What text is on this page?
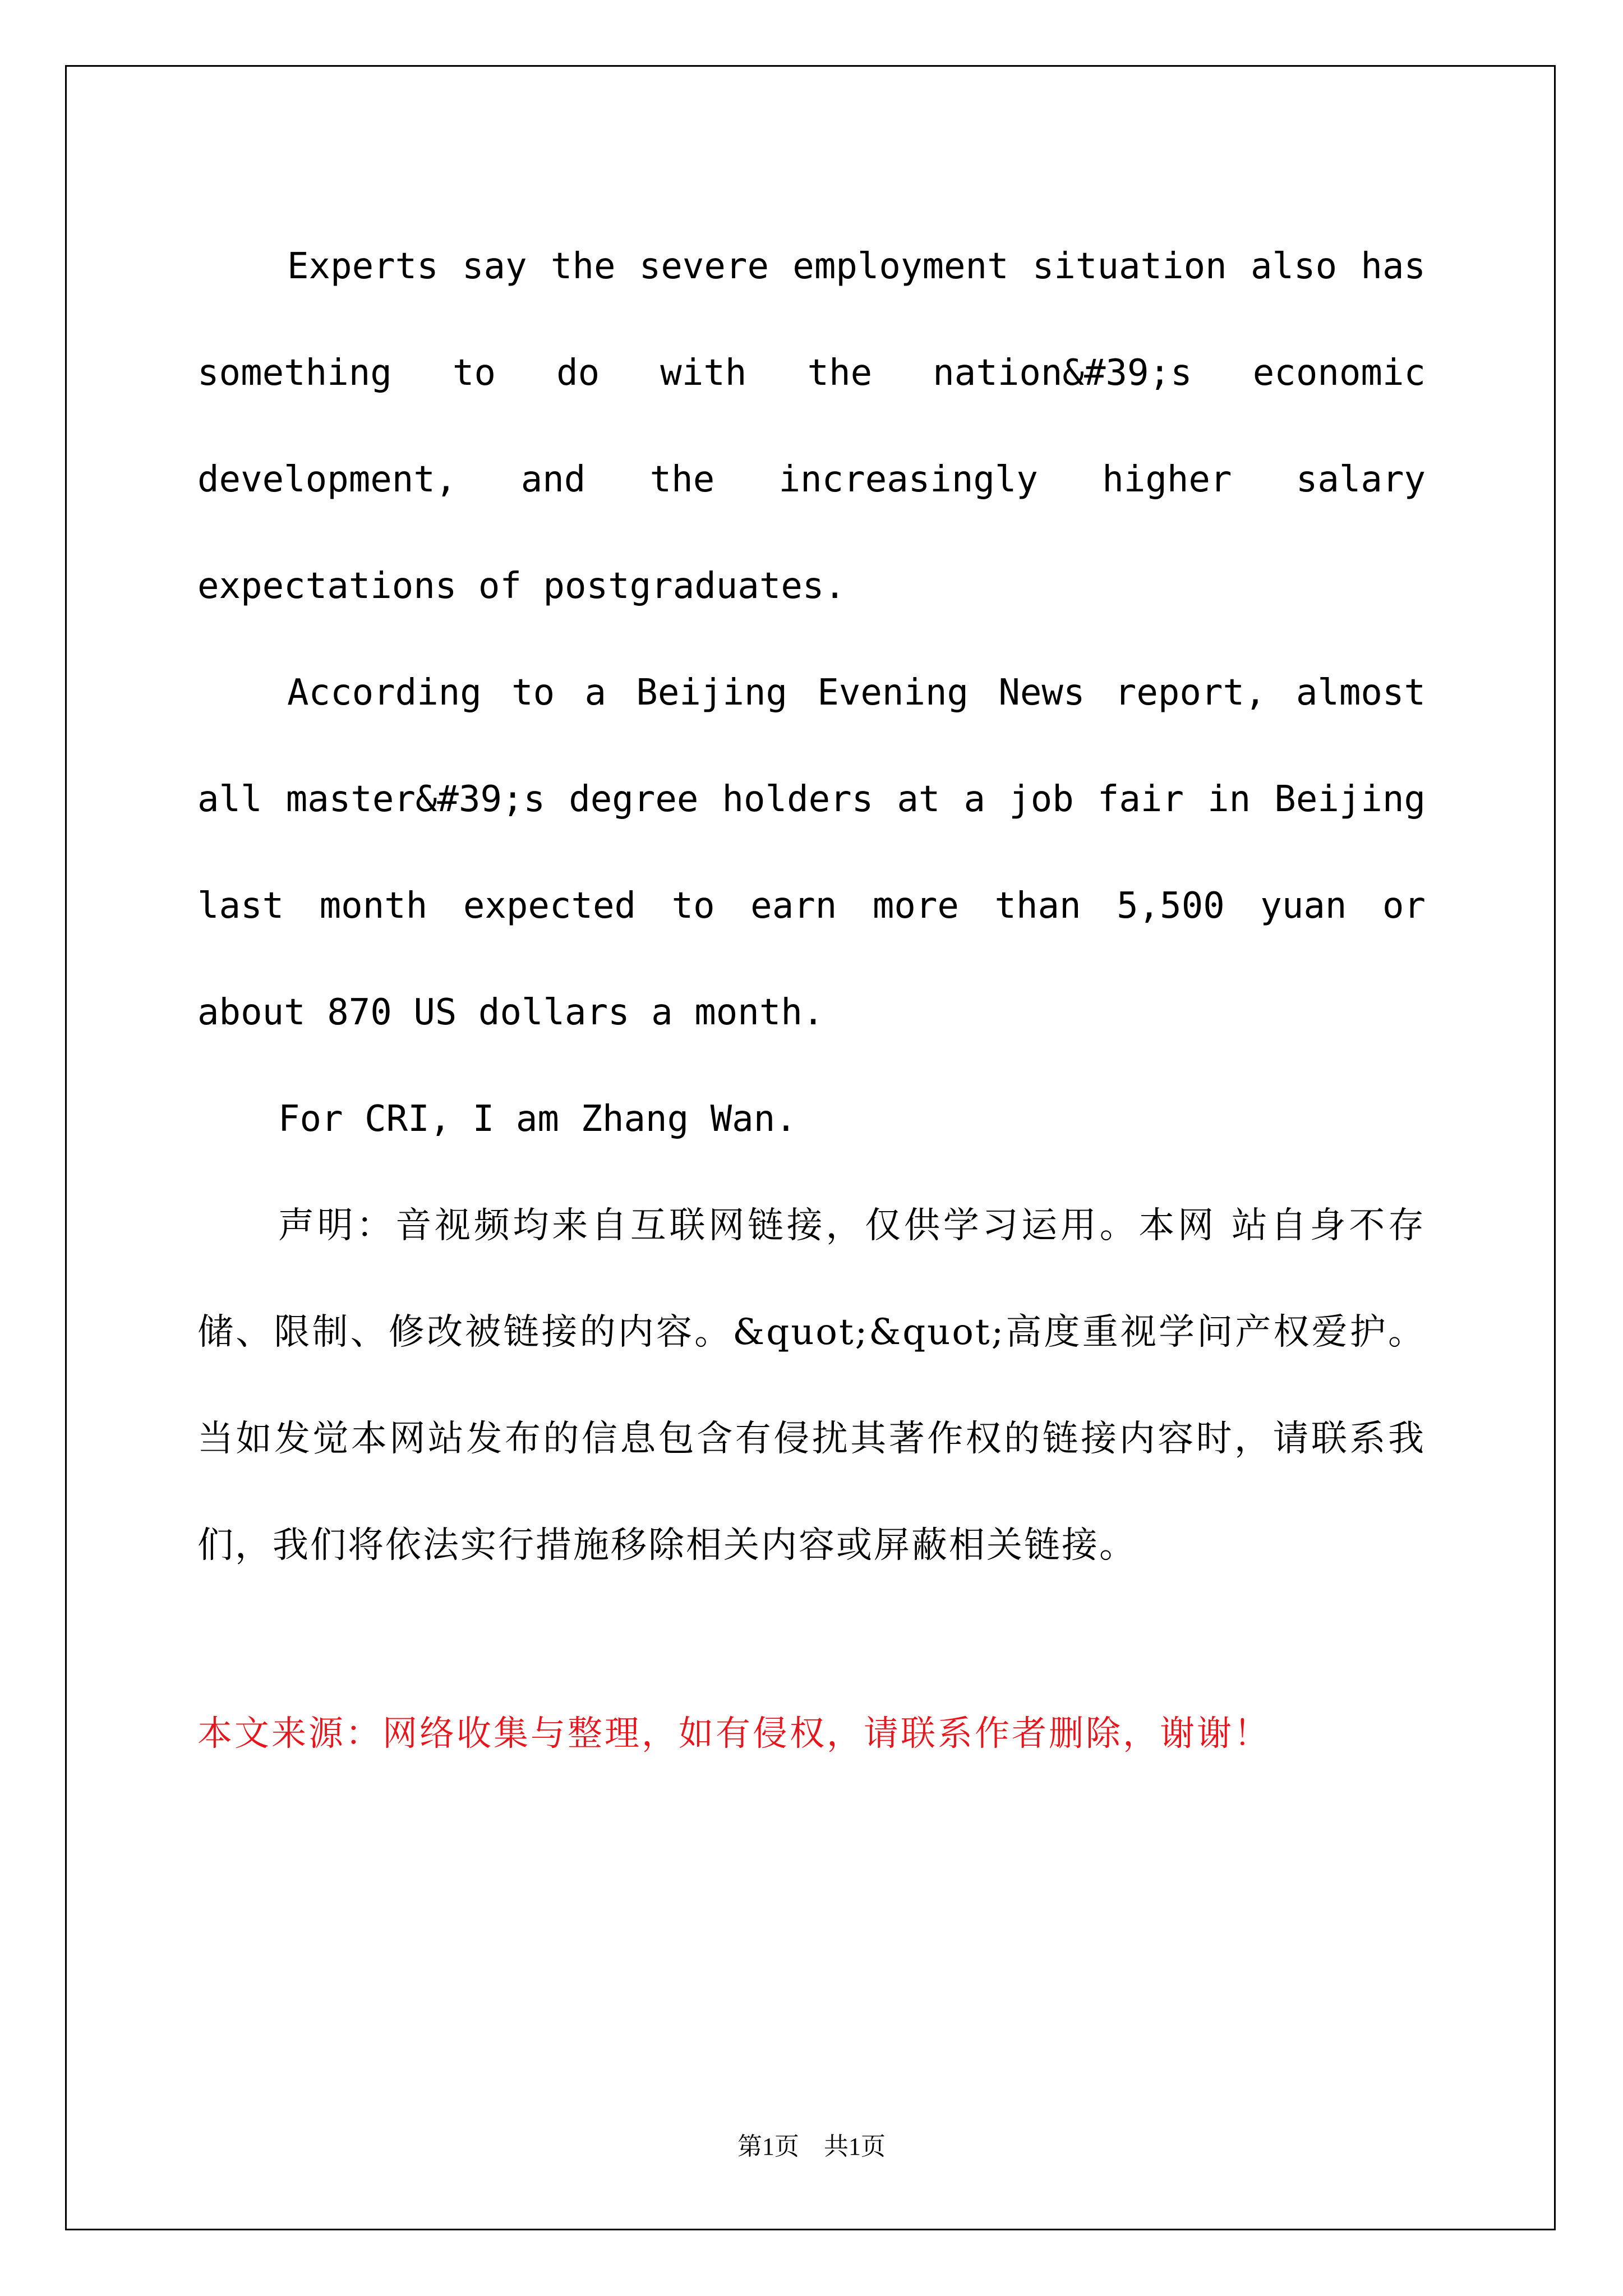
Experts say the severe employment situation also has something to do with the nation&#39;s economic development, and the increasingly higher salary expectations of postgraduates.

According to a Beijing Evening News report, almost all master&#39;s degree holders at a job fair in Beijing last month expected to earn more than 5,500 yuan or about 870 US dollars a month.

For CRI, I am Zhang Wan.

声明：音视频均来自互联网链接，仅供学习运用。本网 站自身不存储、限制、修改被链接的内容。&quot;&quot;高度重视学问产权爱护。当如发觉本网站发布的信息包含有侵扰其著作权的链接内容时，请联系我们，我们将依法实行措施移除相关内容或屏蔽相关链接。

本文来源：网络收集与整理，如有侵权，请联系作者删除，谢谢！

第1页　共1页
